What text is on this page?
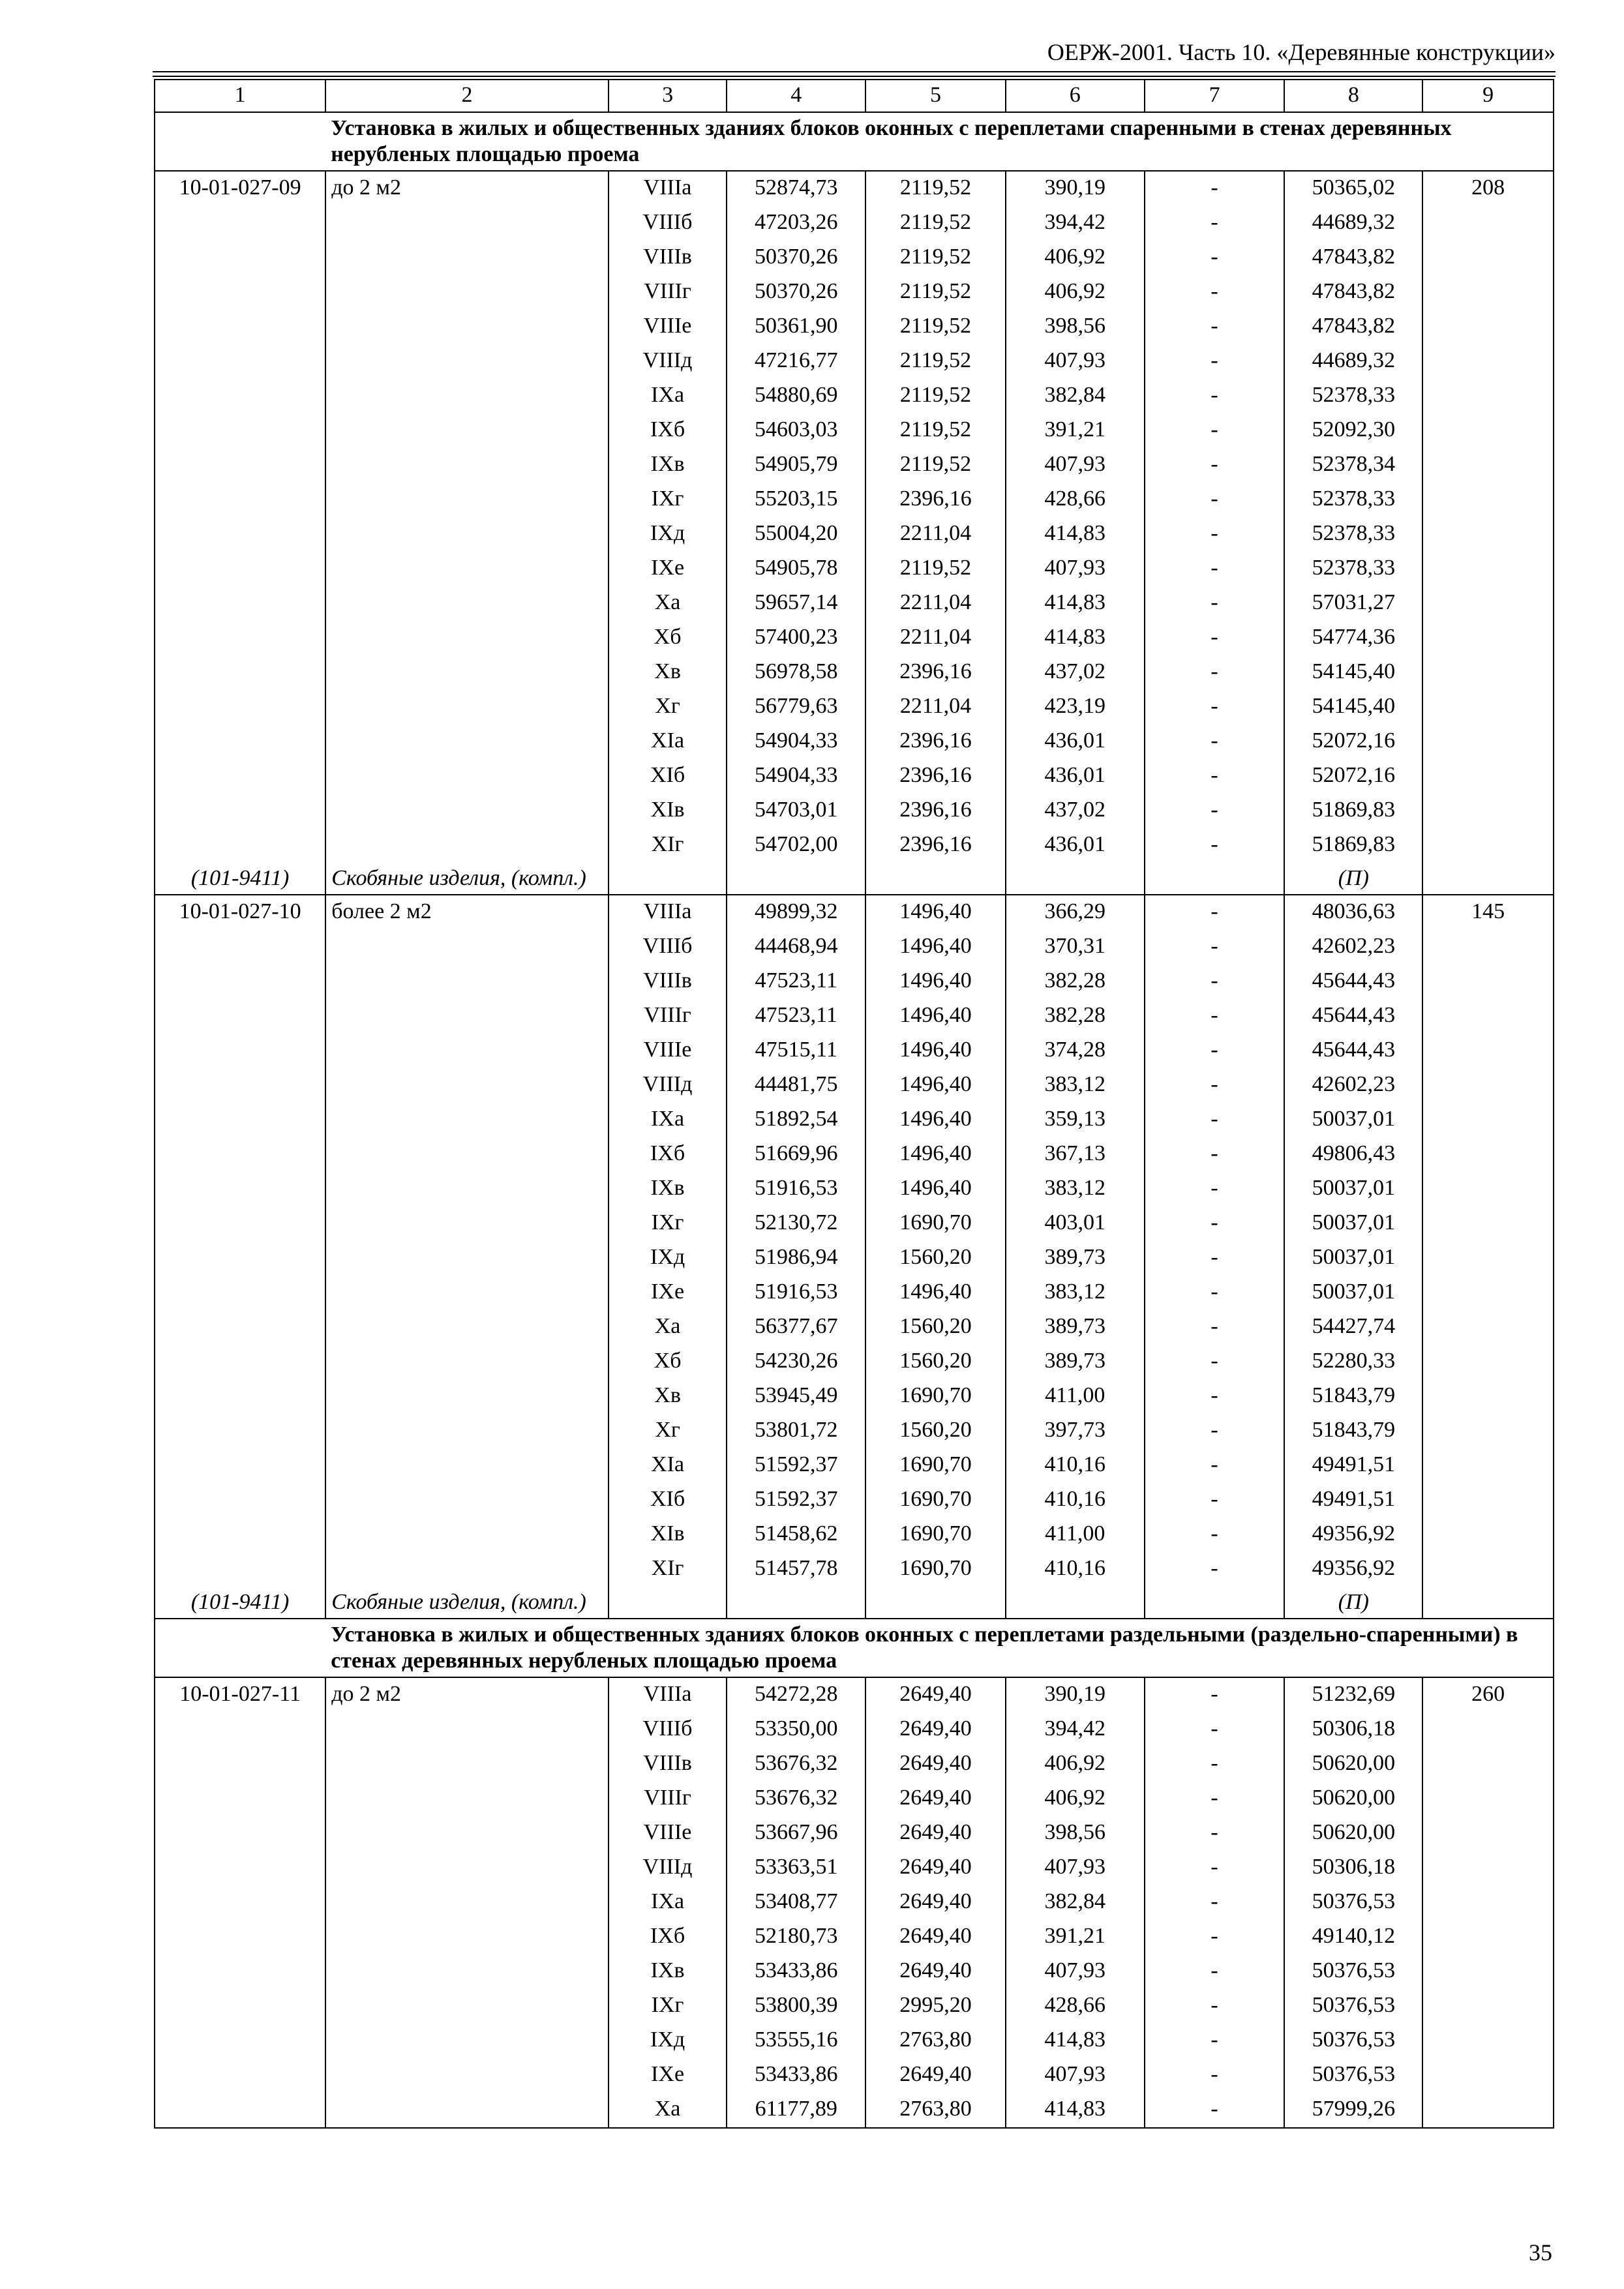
ОЕРЖ-2001. Часть 10. «Деревянные конструкции»
1	2	3	4	5	6	7	8	9
	Установка в жилых и общественных зданиях блоков оконных с переплетами спаренными в стенах деревянных нерубленых площадью проема							
10-01-027-09	до 2 м2	VIIIа	52874,73	2119,52	390,19	-	50365,02	208
		VIIIб	47203,26	2119,52	394,42	-	44689,32	
		VIIIв	50370,26	2119,52	406,92	-	47843,82	
		VIIIг	50370,26	2119,52	406,92	-	47843,82	
		VIIIе	50361,90	2119,52	398,56	-	47843,82	
		VIIIд	47216,77	2119,52	407,93	-	44689,32	
		IXа	54880,69	2119,52	382,84	-	52378,33	
		IXб	54603,03	2119,52	391,21	-	52092,30	
		IXв	54905,79	2119,52	407,93	-	52378,34	
		IXг	55203,15	2396,16	428,66	-	52378,33	
		IXд	55004,20	2211,04	414,83	-	52378,33	
		IXе	54905,78	2119,52	407,93	-	52378,33	
		Xа	59657,14	2211,04	414,83	-	57031,27	
		Xб	57400,23	2211,04	414,83	-	54774,36	
		Xв	56978,58	2396,16	437,02	-	54145,40	
		Xг	56779,63	2211,04	423,19	-	54145,40	
		XIа	54904,33	2396,16	436,01	-	52072,16	
		XIб	54904,33	2396,16	436,01	-	52072,16	
		XIв	54703,01	2396,16	437,02	-	51869,83	
		XIг	54702,00	2396,16	436,01	-	51869,83	
(101-9411)	Скобяные изделия, (компл.)						(П)	
10-01-027-10	более 2 м2	VIIIа	49899,32	1496,40	366,29	-	48036,63	145
		VIIIб	44468,94	1496,40	370,31	-	42602,23	
		VIIIв	47523,11	1496,40	382,28	-	45644,43	
		VIIIг	47523,11	1496,40	382,28	-	45644,43	
		VIIIе	47515,11	1496,40	374,28	-	45644,43	
		VIIIд	44481,75	1496,40	383,12	-	42602,23	
		IXа	51892,54	1496,40	359,13	-	50037,01	
		IXб	51669,96	1496,40	367,13	-	49806,43	
		IXв	51916,53	1496,40	383,12	-	50037,01	
		IXг	52130,72	1690,70	403,01	-	50037,01	
		IXд	51986,94	1560,20	389,73	-	50037,01	
		IXе	51916,53	1496,40	383,12	-	50037,01	
		Xа	56377,67	1560,20	389,73	-	54427,74	
		Xб	54230,26	1560,20	389,73	-	52280,33	
		Xв	53945,49	1690,70	411,00	-	51843,79	
		Xг	53801,72	1560,20	397,73	-	51843,79	
		XIа	51592,37	1690,70	410,16	-	49491,51	
		XIб	51592,37	1690,70	410,16	-	49491,51	
		XIв	51458,62	1690,70	411,00	-	49356,92	
		XIг	51457,78	1690,70	410,16	-	49356,92	
(101-9411)	Скобяные изделия, (компл.)						(П)	
	Установка в жилых и общественных зданиях блоков оконных с переплетами раздельными (раздельно-спаренными) в стенах деревянных нерубленых площадью проема							
10-01-027-11	до 2 м2	VIIIа	54272,28	2649,40	390,19	-	51232,69	260
		VIIIб	53350,00	2649,40	394,42	-	50306,18	
		VIIIв	53676,32	2649,40	406,92	-	50620,00	
		VIIIг	53676,32	2649,40	406,92	-	50620,00	
		VIIIе	53667,96	2649,40	398,56	-	50620,00	
		VIIIд	53363,51	2649,40	407,93	-	50306,18	
		IXа	53408,77	2649,40	382,84	-	50376,53	
		IXб	52180,73	2649,40	391,21	-	49140,12	
		IXв	53433,86	2649,40	407,93	-	50376,53	
		IXг	53800,39	2995,20	428,66	-	50376,53	
		IXд	53555,16	2763,80	414,83	-	50376,53	
		IXе	53433,86	2649,40	407,93	-	50376,53	
		Xа	61177,89	2763,80	414,83	-	57999,26	
35
